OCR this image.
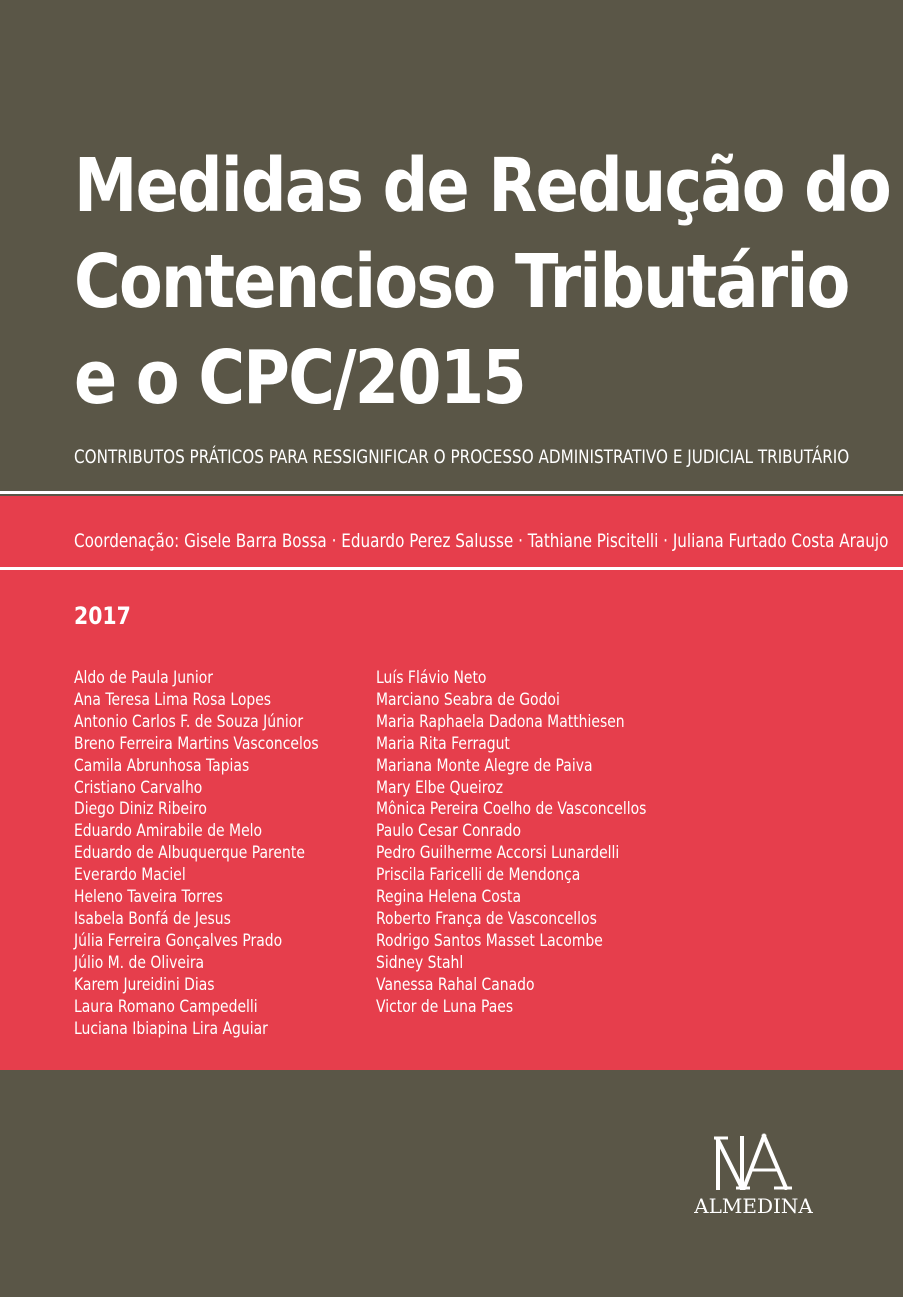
Medidas de Redução do
Contencioso Tributário
e o CPC/2015

CONTRIBUTOS PRÁTICOS PARA RESSIGNIFICAR O PROCESSO ADMINISTRATIVO E JUDICIAL TRIBUTÁRIO

Coordenação: Gisele Barra Bossa · Eduardo Perez Salusse · Tathiane Piscitelli · Juliana Furtado Costa Araujo

2017

Aldo de Paula Junior
Ana Teresa Lima Rosa Lopes
Antonio Carlos F. de Souza Júnior
Breno Ferreira Martins Vasconcelos
Camila Abrunhosa Tapias
Cristiano Carvalho
Diego Diniz Ribeiro
Eduardo Amirabile de Melo
Eduardo de Albuquerque Parente
Everardo Maciel
Heleno Taveira Torres
Isabela Bonfá de Jesus
Júlia Ferreira Gonçalves Prado
Júlio M. de Oliveira
Karem Jureidini Dias
Laura Romano Campedelli
Luciana Ibiapina Lira Aguiar
Luís Flávio Neto
Marciano Seabra de Godoi
Maria Raphaela Dadona Matthiesen
Maria Rita Ferragut
Mariana Monte Alegre de Paiva
Mary Elbe Queiroz
Mônica Pereira Coelho de Vasconcellos
Paulo Cesar Conrado
Pedro Guilherme Accorsi Lunardelli
Priscila Faricelli de Mendonça
Regina Helena Costa
Roberto França de Vasconcellos
Rodrigo Santos Masset Lacombe
Sidney Stahl
Vanessa Rahal Canado
Victor de Luna Paes
ALMEDINA
